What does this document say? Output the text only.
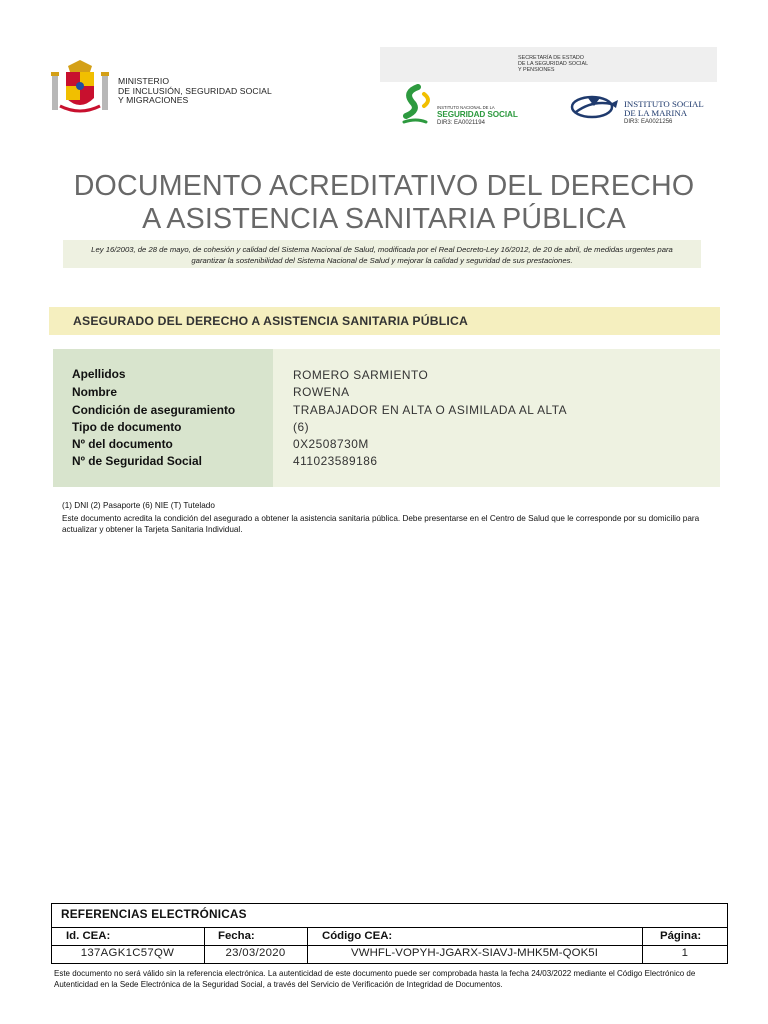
MINISTERIO
DE INCLUSIÓN, SEGURIDAD SOCIAL
Y MIGRACIONES
SECRETARÍA DE ESTADO
DE LA SEGURIDAD SOCIAL
Y PENSIONES
INSTITUTO NACIONAL DE LA
SEGURIDAD SOCIAL
DIR3: EA0021194
INSTITUTO SOCIAL
DE LA MARINA
DIR3: EA0021256
DOCUMENTO ACREDITATIVO DEL DERECHO
A ASISTENCIA SANITARIA PÚBLICA
Ley 16/2003, de 28 de mayo, de cohesión y calidad del Sistema Nacional de Salud, modificada por el Real Decreto-Ley 16/2012, de 20 de abril, de medidas urgentes para garantizar la sostenibilidad del Sistema Nacional de Salud y mejorar la calidad y seguridad de sus prestaciones.
ASEGURADO DEL DERECHO A ASISTENCIA SANITARIA PÚBLICA
Apellidos	ROMERO SARMIENTO
Nombre	ROWENA
Condición de aseguramiento	TRABAJADOR EN ALTA O ASIMILADA AL ALTA
Tipo de documento	(6)
Nº del documento	0X2508730M
Nº de Seguridad Social	411023589186
(1) DNI (2) Pasaporte (6) NIE (T) Tutelado
Este documento acredita la condición del asegurado a obtener la asistencia sanitaria pública. Debe presentarse en el Centro de Salud que le corresponde por su domicilio para actualizar y obtener la Tarjeta Sanitaria Individual.
REFERENCIAS ELECTRÓNICAS
Id. CEA:	Fecha:	Código CEA:	Página:
137AGK1C57QW	23/03/2020	VWHFL-VOPYH-JGARX-SIAVJ-MHK5M-QOK5I	1
Este documento no será válido sin la referencia electrónica. La autenticidad de este documento puede ser comprobada hasta la fecha 24/03/2022 mediante el Código Electrónico de Autenticidad en la Sede Electrónica de la Seguridad Social, a través del Servicio de Verificación de Integridad de Documentos.
